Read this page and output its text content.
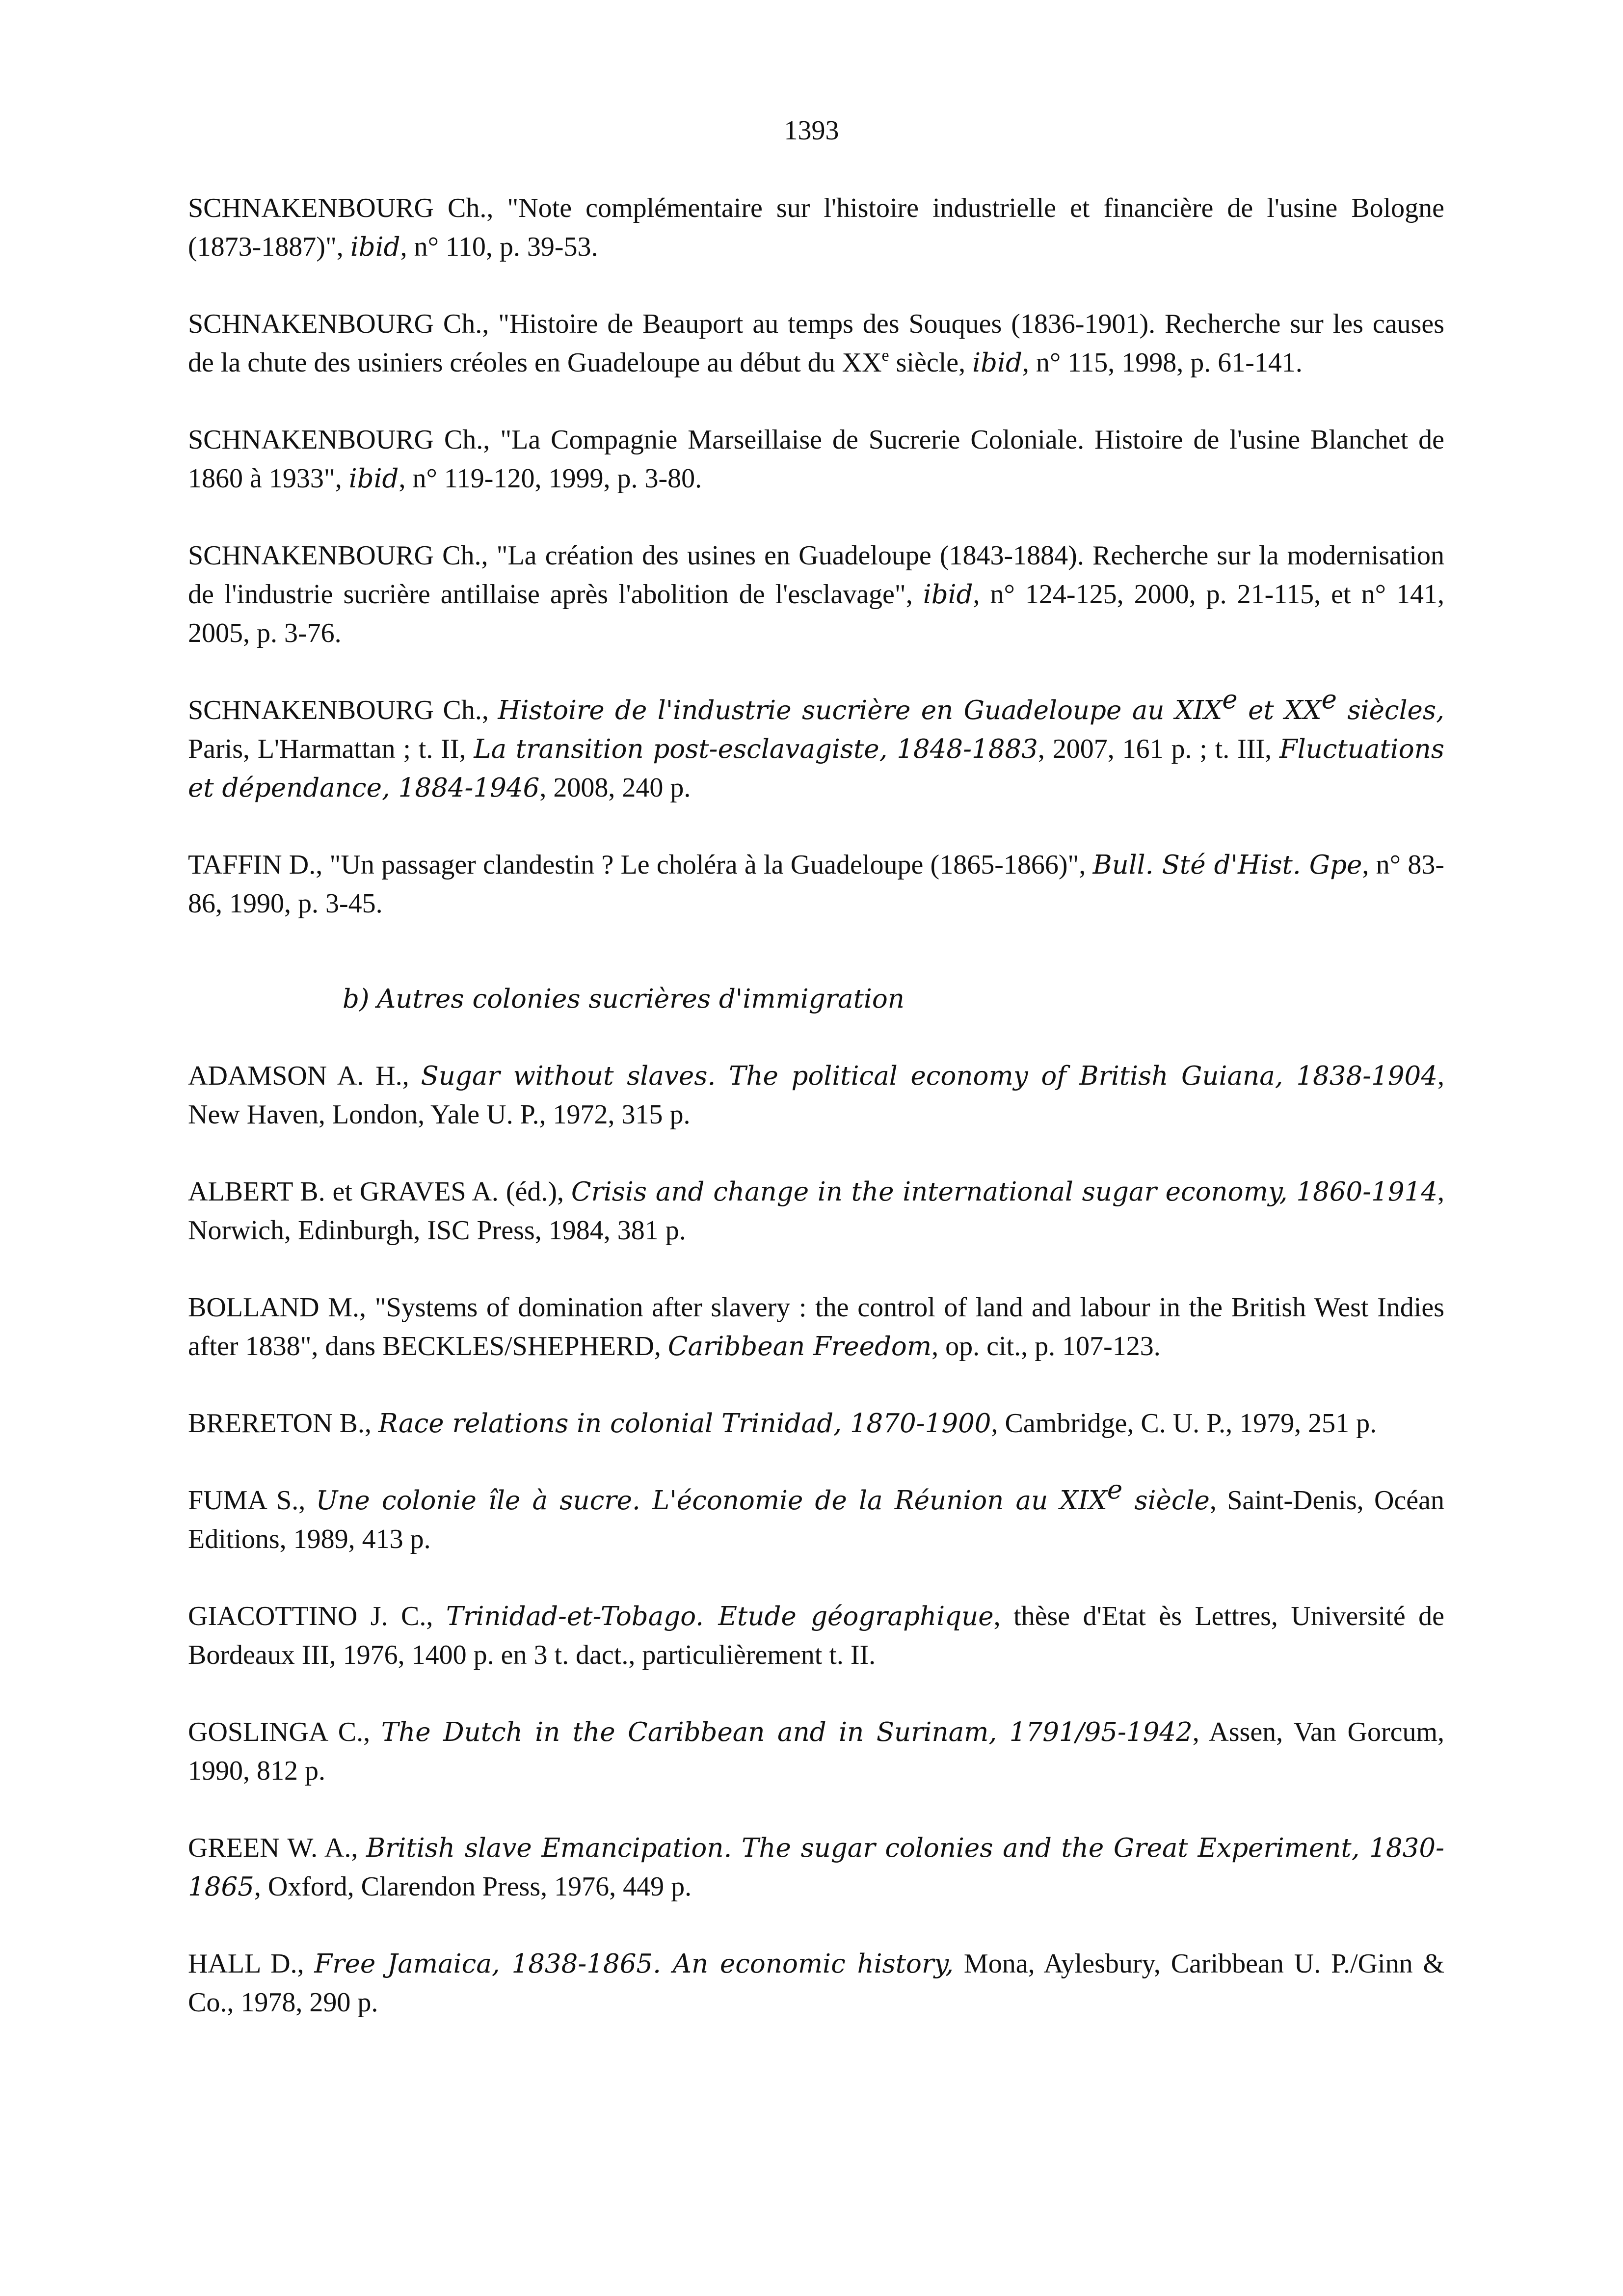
1393

SCHNAKENBOURG Ch., "Note complémentaire sur l'histoire industrielle et financière de l'usine Bologne (1873-1887)", ibid, n° 110, p. 39-53.

SCHNAKENBOURG Ch., "Histoire de Beauport au temps des Souques (1836-1901). Recherche sur les causes de la chute des usiniers créoles en Guadeloupe au début du XXe siècle, ibid, n° 115, 1998, p. 61-141.

SCHNAKENBOURG Ch., "La Compagnie Marseillaise de Sucrerie Coloniale. Histoire de l'usine Blanchet de 1860 à 1933", ibid, n° 119-120, 1999, p. 3-80.

SCHNAKENBOURG Ch., "La création des usines en Guadeloupe (1843-1884). Recherche sur la modernisation de l'industrie sucrière antillaise après l'abolition de l'esclavage", ibid, n° 124-125, 2000, p. 21-115, et n° 141, 2005, p. 3-76.

SCHNAKENBOURG Ch., Histoire de l'industrie sucrière en Guadeloupe au XIXe et XXe siècles, Paris, L'Harmattan ; t. II, La transition post-esclavagiste, 1848-1883, 2007, 161 p. ; t. III, Fluctuations et dépendance, 1884-1946, 2008, 240 p.

TAFFIN D., "Un passager clandestin ? Le choléra à la Guadeloupe (1865-1866)", Bull. Sté d'Hist. Gpe, n° 83-86, 1990, p. 3-45.

b) Autres colonies sucrières d'immigration

ADAMSON A. H., Sugar without slaves. The political economy of British Guiana, 1838-1904, New Haven, London, Yale U. P., 1972, 315 p.

ALBERT B. et GRAVES A. (éd.), Crisis and change in the international sugar economy, 1860-1914, Norwich, Edinburgh, ISC Press, 1984, 381 p.

BOLLAND M., "Systems of domination after slavery : the control of land and labour in the British West Indies after 1838", dans BECKLES/SHEPHERD, Caribbean Freedom, op. cit., p. 107-123.

BRERETON B., Race relations in colonial Trinidad, 1870-1900, Cambridge, C. U. P., 1979, 251 p.

FUMA S., Une colonie île à sucre. L'économie de la Réunion au XIXe siècle, Saint-Denis, Océan Editions, 1989, 413 p.

GIACOTTINO J. C., Trinidad-et-Tobago. Etude géographique, thèse d'Etat ès Lettres, Université de Bordeaux III, 1976, 1400 p. en 3 t. dact., particulièrement t. II.

GOSLINGA C., The Dutch in the Caribbean and in Surinam, 1791/95-1942, Assen, Van Gorcum, 1990, 812 p.

GREEN W. A., British slave Emancipation. The sugar colonies and the Great Experiment, 1830-1865, Oxford, Clarendon Press, 1976, 449 p.

HALL D., Free Jamaica, 1838-1865. An economic history, Mona, Aylesbury, Caribbean U. P./Ginn & Co., 1978, 290 p.
